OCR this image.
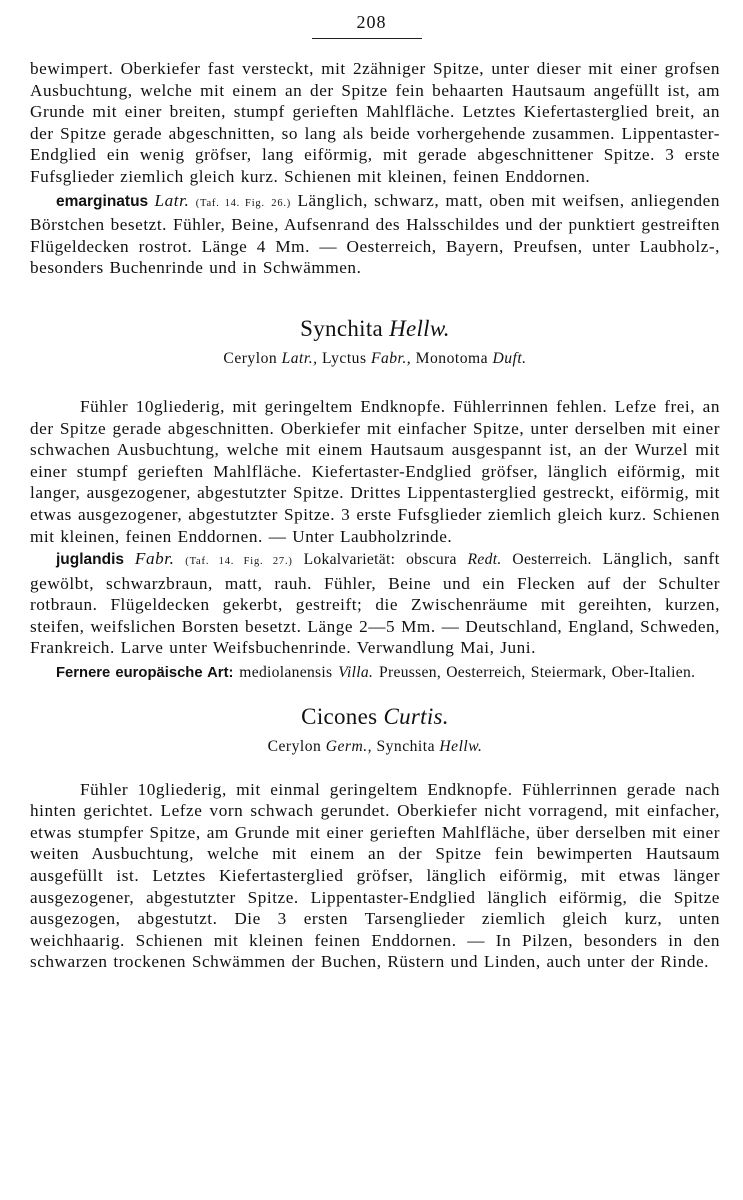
208

bewimpert. Oberkiefer fast versteckt, mit 2zähniger Spitze, unter dieser mit einer grofsen Ausbuchtung, welche mit einem an der Spitze fein behaarten Hautsaum angefüllt ist, am Grunde mit einer breiten, stumpf gerieften Mahlfläche. Letztes Kiefertasterglied breit, an der Spitze gerade abgeschnitten, so lang als beide vorhergehende zusammen. Lippentaster-Endglied ein wenig gröfser, lang eiförmig, mit gerade abgeschnittener Spitze. 3 erste Fufsglieder ziemlich gleich kurz. Schienen mit kleinen, feinen Enddornen.

emarginatus Latr. (Taf. 14. Fig. 26.) Länglich, schwarz, matt, oben mit weifsen, anliegenden Börstchen besetzt. Fühler, Beine, Aufsenrand des Halsschildes und der punktiert gestreiften Flügeldecken rostrot. Länge 4 Mm. — Oesterreich, Bayern, Preufsen, unter Laubholz-, besonders Buchenrinde und in Schwämmen.

Synchita Hellw.
Cerylon Latr., Lyctus Fabr., Monotoma Duft.

Fühler 10gliederig, mit geringeltem Endknopfe. Fühlerrinnen fehlen. Lefze frei, an der Spitze gerade abgeschnitten. Oberkiefer mit einfacher Spitze, unter derselben mit einer schwachen Ausbuchtung, welche mit einem Hautsaum ausgespannt ist, an der Wurzel mit einer stumpf gerieften Mahlfläche. Kiefertaster-Endglied gröfser, länglich eiförmig, mit langer, ausgezogener, abgestutzter Spitze. Drittes Lippentasterglied gestreckt, eiförmig, mit etwas ausgezogener, abgestutzter Spitze. 3 erste Fufsglieder ziemlich gleich kurz. Schienen mit kleinen, feinen Enddornen. — Unter Laubholzrinde.

juglandis Fabr. (Taf. 14. Fig. 27.) Lokalvarietät: obscura Redt. Oesterreich. Länglich, sanft gewölbt, schwarzbraun, matt, rauh. Fühler, Beine und ein Flecken auf der Schulter rotbraun. Flügeldecken gekerbt, gestreift; die Zwischenräume mit gereihten, kurzen, steifen, weifslichen Borsten besetzt. Länge 2—5 Mm. — Deutschland, England, Schweden, Frankreich. Larve unter Weifsbuchenrinde. Verwandlung Mai, Juni.

Fernere europäische Art: mediolanensis Villa. Preussen, Oesterreich, Steiermark, Ober-Italien.

Cicones Curtis.
Cerylon Germ., Synchita Hellw.

Fühler 10gliederig, mit einmal geringeltem Endknopfe. Fühlerrinnen gerade nach hinten gerichtet. Lefze vorn schwach gerundet. Oberkiefer nicht vorragend, mit einfacher, etwas stumpfer Spitze, am Grunde mit einer gerieften Mahlfläche, über derselben mit einer weiten Ausbuchtung, welche mit einem an der Spitze fein bewimperten Hautsaum ausgefüllt ist. Letztes Kiefertasterglied gröfser, länglich eiförmig, mit etwas länger ausgezogener, abgestutzter Spitze. Lippentaster-Endglied länglich eiförmig, die Spitze ausgezogen, abgestutzt. Die 3 ersten Tarsenglieder ziemlich gleich kurz, unten weichhaarig. Schienen mit kleinen feinen Enddornen. — In Pilzen, besonders in den schwarzen trockenen Schwämmen der Buchen, Rüstern und Linden, auch unter der Rinde.
